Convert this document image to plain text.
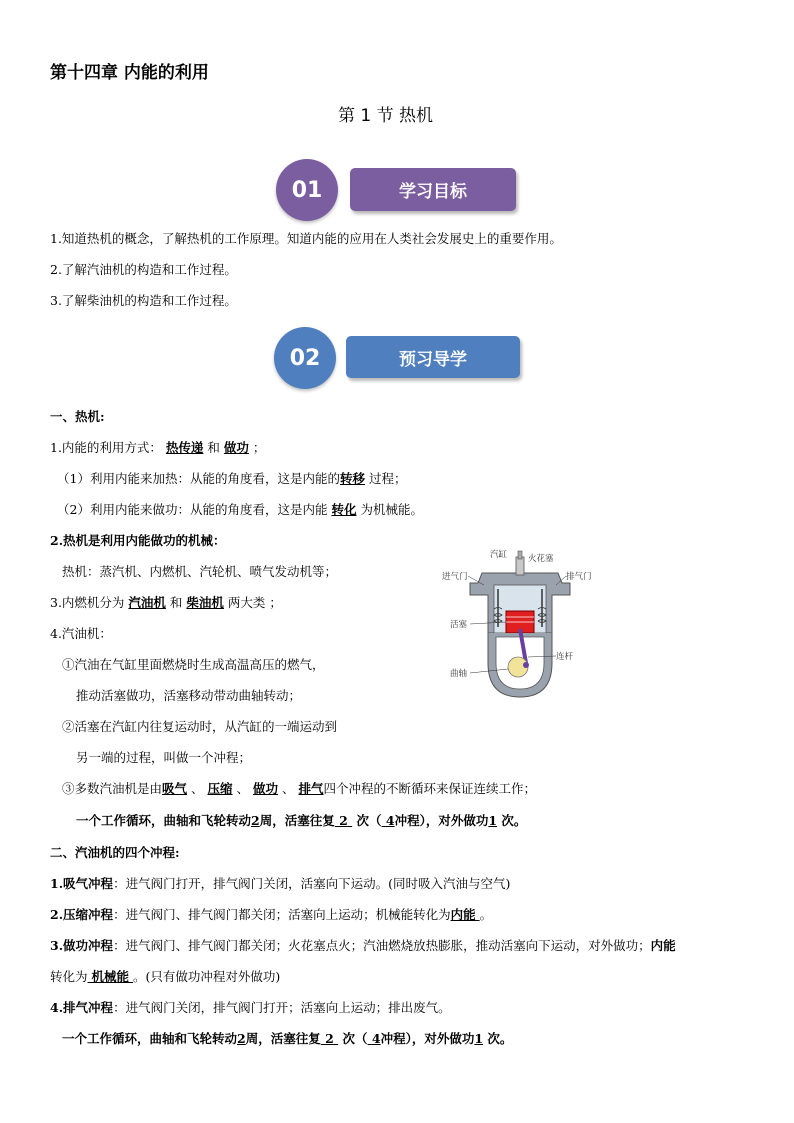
第十四章 内能的利用
第 1 节 热机
学习目标
01
1.知道热机的概念，了解热机的工作原理。知道内能的应用在人类社会发展史上的重要作用。
2.了解汽油机的构造和工作过程。
3.了解柴油机的构造和工作过程。
预习导学
02
一、热机:
1.内能的利用方式： 热传递 和 做功 ；
（1）利用内能来加热：从能的角度看，这是内能的转移 过程；
（2）利用内能来做功：从能的角度看，这是内能 转化 为机械能。
2.热机是利用内能做功的机械：
热机：蒸汽机、内燃机、汽轮机、喷气发动机等；
3.内燃机分为 汽油机 和 柴油机 两大类 ；
4.汽油机：
①汽油在气缸里面燃烧时生成高温高压的燃气，
推动活塞做功，活塞移动带动曲轴转动；
②活塞在汽缸内往复运动时，从汽缸的一端运动到
另一端的过程，叫做一个冲程；
③多数汽油机是由吸气 、 压缩 、 做功 、 排气四个冲程的不断循环来保证连续工作；
一个工作循环，曲轴和飞轮转动2周，活塞往复 2 次（ 4冲程），对外做功1 次。
汽缸 火花塞
进气门	排气门
活塞
连杆
曲轴
二、汽油机的四个冲程:
1.吸气冲程：进气阀门打开，排气阀门关闭，活塞向下运动。(同时吸入汽油与空气)
2.压缩冲程：进气阀门、排气阀门都关闭；活塞向上运动；机械能转化为内能 。
3.做功冲程：进气阀门、排气阀门都关闭；火花塞点火；汽油燃烧放热膨胀，推动活塞向下运动，对外做功；内能
转化为 机械能 。(只有做功冲程对外做功)
4.排气冲程：进气阀门关闭，排气阀门打开；活塞向上运动；排出废气。
一个工作循环，曲轴和飞轮转动2周，活塞往复 2 次（ 4冲程），对外做功1 次。
